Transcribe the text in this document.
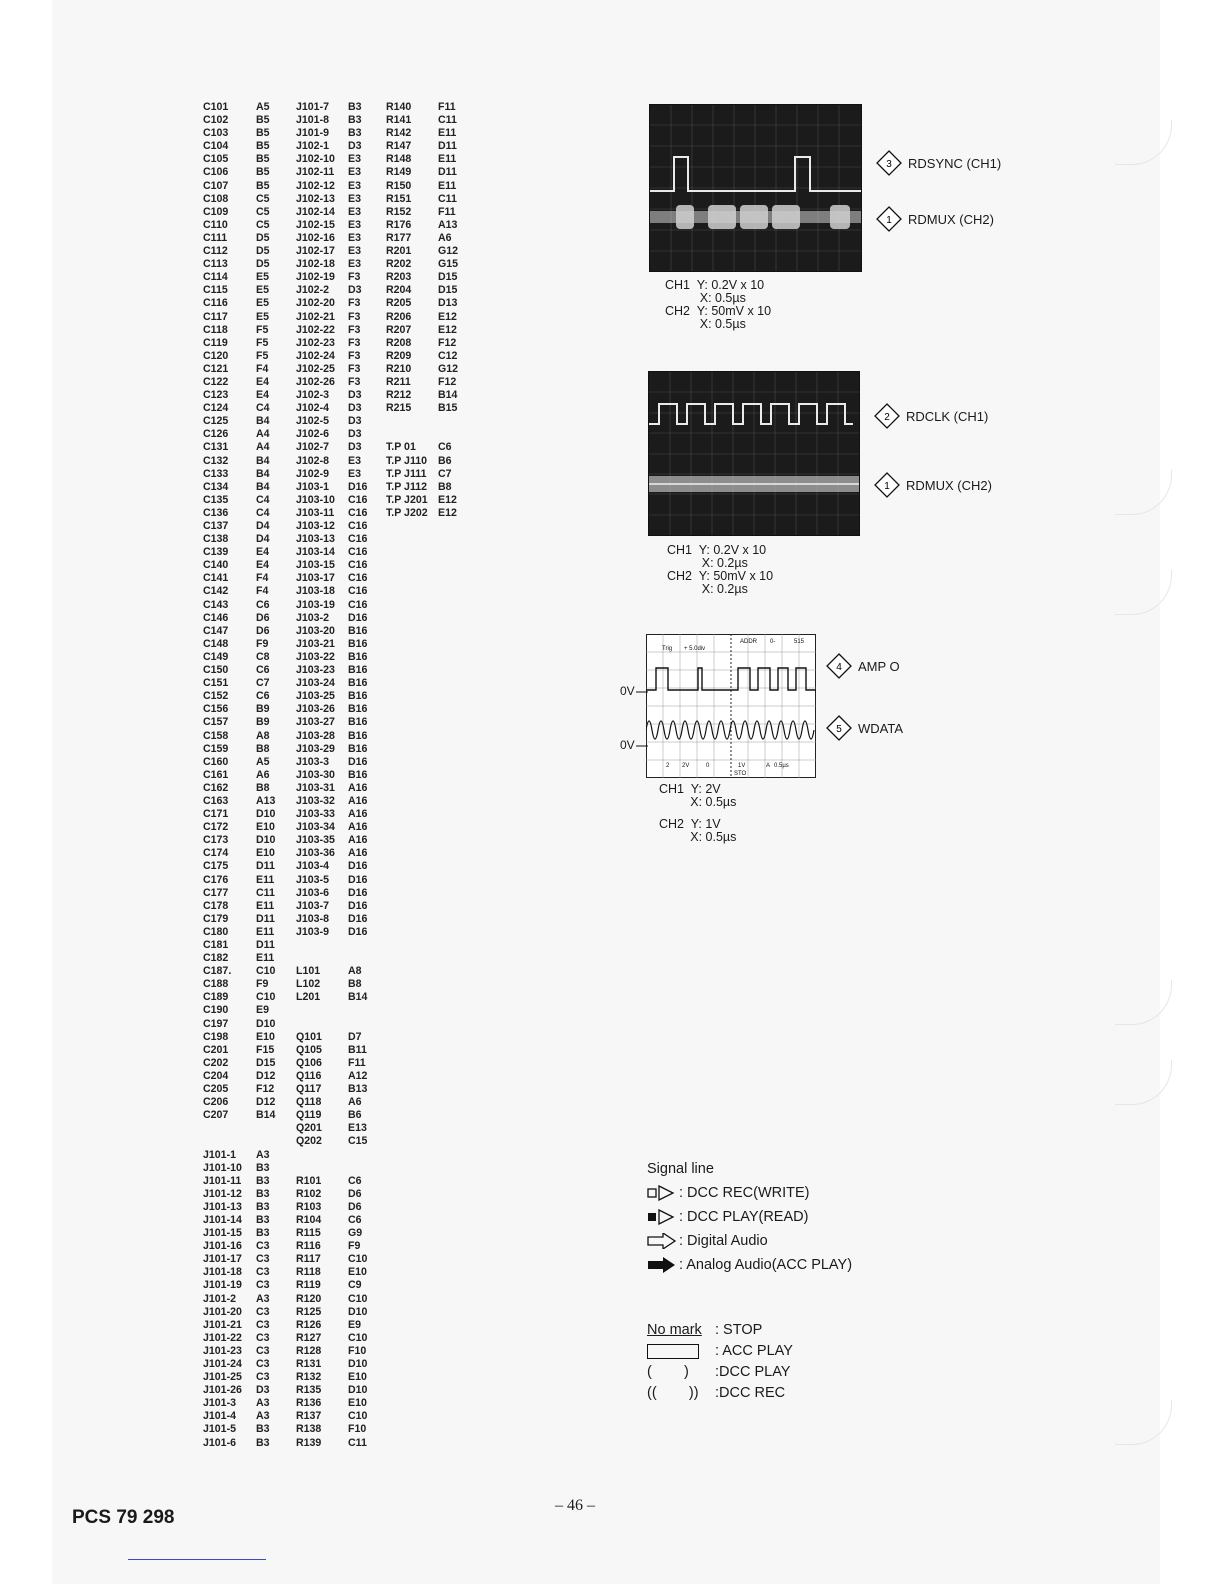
C101	A5
C102	B5
C103	B5
C104	B5
C105	B5
C106	B5
C107	B5
C108	C5
C109	C5
C110	C5
C111	D5
C112	D5
C113	D5
C114	E5
C115	E5
C116	E5
C117	E5
C118	F5
C119	F5
C120	F5
C121	F4
C122	E4
C123	E4
C124	C4
C125	B4
C126	A4
C131	A4
C132	B4
C133	B4
C134	B4
C135	C4
C136	C4
C137	D4
C138	D4
C139	E4
C140	E4
C141	F4
C142	F4
C143	C6
C146	D6
C147	D6
C148	F9
C149	C8
C150	C6
C151	C7
C152	C6
C156	B9
C157	B9
C158	A8
C159	B8
C160	A5
C161	A6
C162	B8
C163	A13
C171	D10
C172	E10
C173	D10
C174	E10
C175	D11
C176	E11
C177	C11
C178	E11
C179	D11
C180	E11
C181	D11
C182	E11
C187.	C10
C188	F9
C189	C10
C190	E9
C197	D10
C198	E10
C201	F15
C202	D15
C204	D12
C205	F12
C206	D12
C207	B14
J101-1	A3
J101-10	B3
J101-11	B3
J101-12	B3
J101-13	B3
J101-14	B3
J101-15	B3
J101-16	C3
J101-17	C3
J101-18	C3
J101-19	C3
J101-2	A3
J101-20	C3
J101-21	C3
J101-22	C3
J101-23	C3
J101-24	C3
J101-25	C3
J101-26	D3
J101-3	A3
J101-4	A3
J101-5	B3
J101-6	B3
J101-7	B3
J101-8	B3
J101-9	B3
J102-1	D3
J102-10	E3
J102-11	E3
J102-12	E3
J102-13	E3
J102-14	E3
J102-15	E3
J102-16	E3
J102-17	E3
J102-18	E3
J102-19	F3
J102-2	D3
J102-20	F3
J102-21	F3
J102-22	F3
J102-23	F3
J102-24	F3
J102-25	F3
J102-26	F3
J102-3	D3
J102-4	D3
J102-5	D3
J102-6	D3
J102-7	D3
J102-8	E3
J102-9	E3
J103-1	D16
J103-10	C16
J103-11	C16
J103-12	C16
J103-13	C16
J103-14	C16
J103-15	C16
J103-17	C16
J103-18	C16
J103-19	C16
J103-2	D16
J103-20	B16
J103-21	B16
J103-22	B16
J103-23	B16
J103-24	B16
J103-25	B16
J103-26	B16
J103-27	B16
J103-28	B16
J103-29	B16
J103-3	D16
J103-30	B16
J103-31	A16
J103-32	A16
J103-33	A16
J103-34	A16
J103-35	A16
J103-36	A16
J103-4	D16
J103-5	D16
J103-6	D16
J103-7	D16
J103-8	D16
J103-9	D16
L101	A8
L102	B8
L201	B14
Q101	D7
Q105	B11
Q106	F11
Q116	A12
Q117	B13
Q118	A6
Q119	B6
Q201	E13
Q202	C15
R101	C6
R102	D6
R103	D6
R104	C6
R115	G9
R116	F9
R117	C10
R118	E10
R119	C9
R120	C10
R125	D10
R126	E9
R127	C10
R128	F10
R131	D10
R132	E10
R135	D10
R136	E10
R137	C10
R138	F10
R139	C11
R140	F11
R141	C11
R142	E11
R147	D11
R148	E11
R149	D11
R150	E11
R151	C11
R152	F11
R176	A13
R177	A6
R201	G12
R202	G15
R203	D15
R204	D15
R205	D13
R206	E12
R207	E12
R208	F12
R209	C12
R210	G12
R211	F12
R212	B14
R215	B15
T.P 01	C6
T.P J110	B6
T.P J111	C7
T.P J112	B8
T.P J201 E12
T.P J202 E12
Trig + 5.0div
ADDR 0-	515
2 2V	0	1V	A 0.5µs
STO
0V
0V
3 RDSYNC (CH1)
1 RDMUX (CH2)
2 RDCLK (CH1)
1 RDMUX (CH2)
4 AMP O
5 WDATA
CH1  Y: 0.2V x 10
X: 0.5µs
CH2  Y: 50mV x 10
X: 0.5µs
CH1  Y: 0.2V x 10
X: 0.2µs
CH2  Y: 50mV x 10
X: 0.2µs
CH1  Y: 2V
X: 0.5µs
CH2  Y: 1V
X: 0.5µs
Signal line
: DCC REC(WRITE)
: DCC PLAY(READ)
: Digital Audio
: Analog Audio(ACC PLAY)
No mark : STOP
: ACC PLAY
(        )	:DCC PLAY
((        ))	:DCC REC
PCS 79 298
– 46 –
